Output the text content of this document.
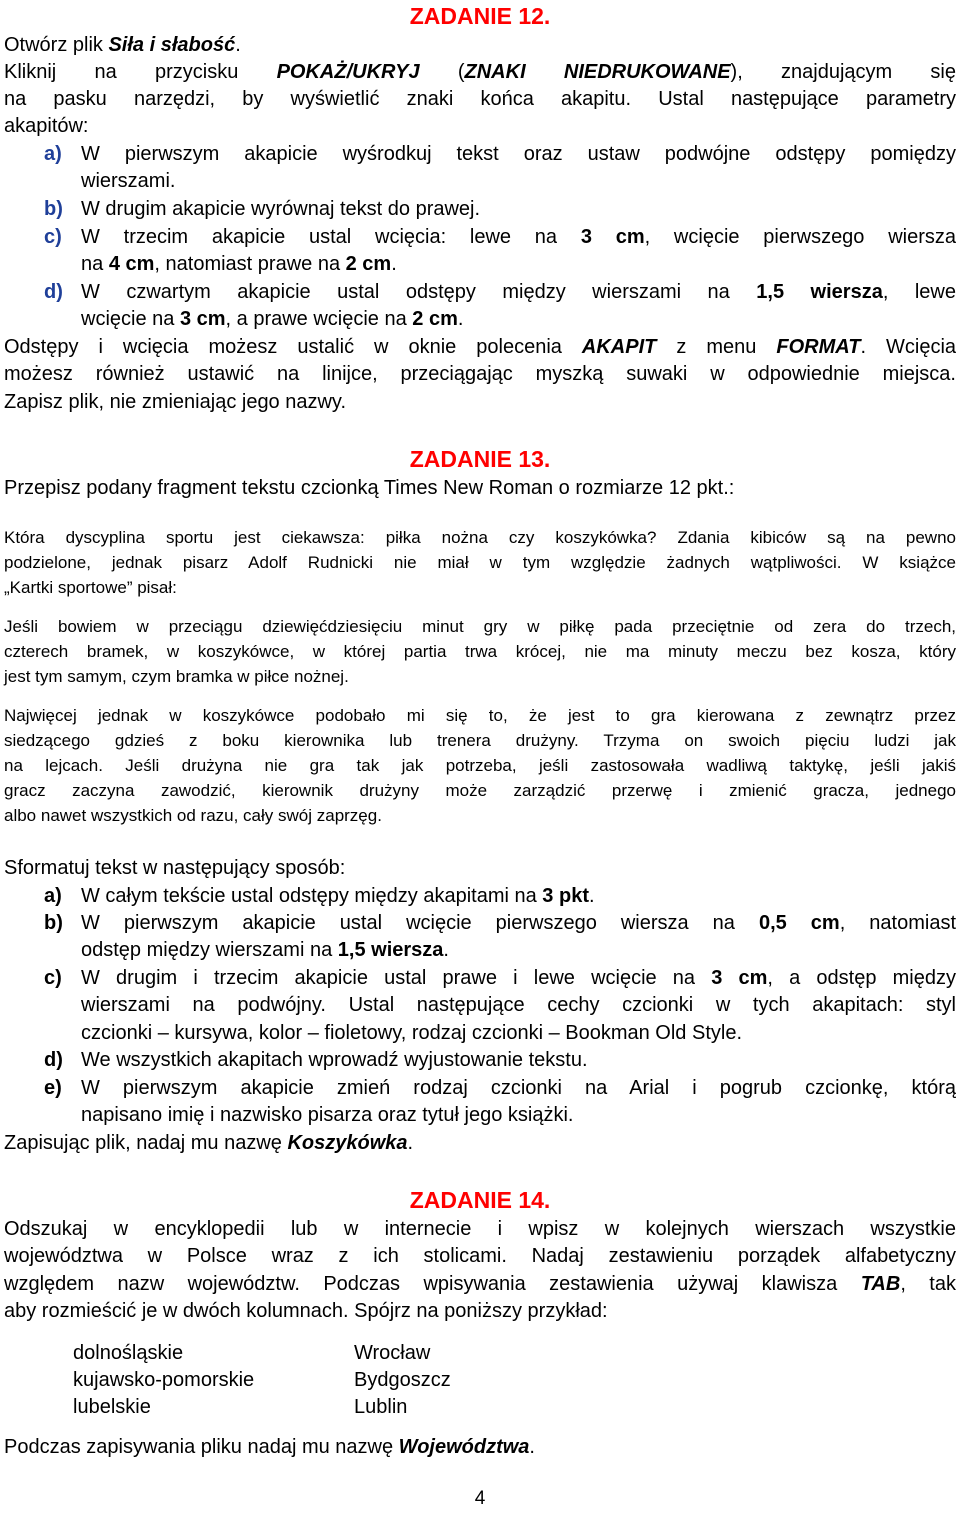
ZADANIE 12.
Otwórz plik Siła i słabość.
Kliknij na przycisku POKAŻ/UKRYJ (ZNAKI NIEDRUKOWANE), znajdującym się
na pasku narzędzi, by wyświetlić znaki końca akapitu. Ustal następujące parametry
akapitów:
a) W pierwszym akapicie wyśrodkuj tekst oraz ustaw podwójne odstępy pomiędzy
wierszami.
b) W drugim akapicie wyrównaj tekst do prawej.
c) W trzecim akapicie ustal wcięcia: lewe na 3 cm, wcięcie pierwszego wiersza
na 4 cm, natomiast prawe na 2 cm.
d) W czwartym akapicie ustal odstępy między wierszami na 1,5 wiersza, lewe
wcięcie na 3 cm, a prawe wcięcie na 2 cm.
Odstępy i wcięcia możesz ustalić w oknie polecenia AKAPIT z menu FORMAT. Wcięcia
możesz również ustawić na linijce, przeciągając myszką suwaki w odpowiednie miejsca.
Zapisz plik, nie zmieniając jego nazwy.
ZADANIE 13.
Przepisz podany fragment tekstu czcionką Times New Roman o rozmiarze 12 pkt.:
Która dyscyplina sportu jest ciekawsza: piłka nożna czy koszykówka? Zdania kibiców są na pewno
podzielone, jednak pisarz Adolf Rudnicki nie miał w tym względzie żadnych wątpliwości. W książce
„Kartki sportowe” pisał:
Jeśli bowiem w przeciągu dziewięćdziesięciu minut gry w piłkę pada przeciętnie od zera do trzech,
czterech bramek, w koszykówce, w której partia trwa krócej, nie ma minuty meczu bez kosza, który
jest tym samym, czym bramka w piłce nożnej.
Najwięcej jednak w koszykówce podobało mi się to, że jest to gra kierowana z zewnątrz przez
siedzącego gdzieś z boku kierownika lub trenera drużyny. Trzyma on swoich pięciu ludzi jak
na lejcach. Jeśli drużyna nie gra tak jak potrzeba, jeśli zastosowała wadliwą taktykę, jeśli jakiś
gracz zaczyna zawodzić, kierownik drużyny może zarządzić przerwę i zmienić gracza, jednego
albo nawet wszystkich od razu, cały swój zaprzęg.
Sformatuj tekst w następujący sposób:
a) W całym tekście ustal odstępy między akapitami na 3 pkt.
b) W pierwszym akapicie ustal wcięcie pierwszego wiersza na 0,5 cm, natomiast
odstęp między wierszami na 1,5 wiersza.
c) W drugim i trzecim akapicie ustal prawe i lewe wcięcie na 3 cm, a odstęp między
wierszami na podwójny. Ustal następujące cechy czcionki w tych akapitach: styl
czcionki – kursywa, kolor – fioletowy, rodzaj czcionki – Bookman Old Style.
d) We wszystkich akapitach wprowadź wyjustowanie tekstu.
e) W pierwszym akapicie zmień rodzaj czcionki na Arial i pogrub czcionkę, którą
napisano imię i nazwisko pisarza oraz tytuł jego książki.
Zapisując plik, nadaj mu nazwę Koszykówka.
ZADANIE 14.
Odszukaj w encyklopedii lub w internecie i wpisz w kolejnych wierszach wszystkie
województwa w Polsce wraz z ich stolicami. Nadaj zestawieniu porządek alfabetyczny
względem nazw województw. Podczas wpisywania zestawienia używaj klawisza TAB, tak
aby rozmieścić je w dwóch kolumnach. Spójrz na poniższy przykład:
dolnośląskie	Wrocław
kujawsko-pomorskie	Bydgoszcz
lubelskie	Lublin
Podczas zapisywania pliku nadaj mu nazwę Województwa.
4
